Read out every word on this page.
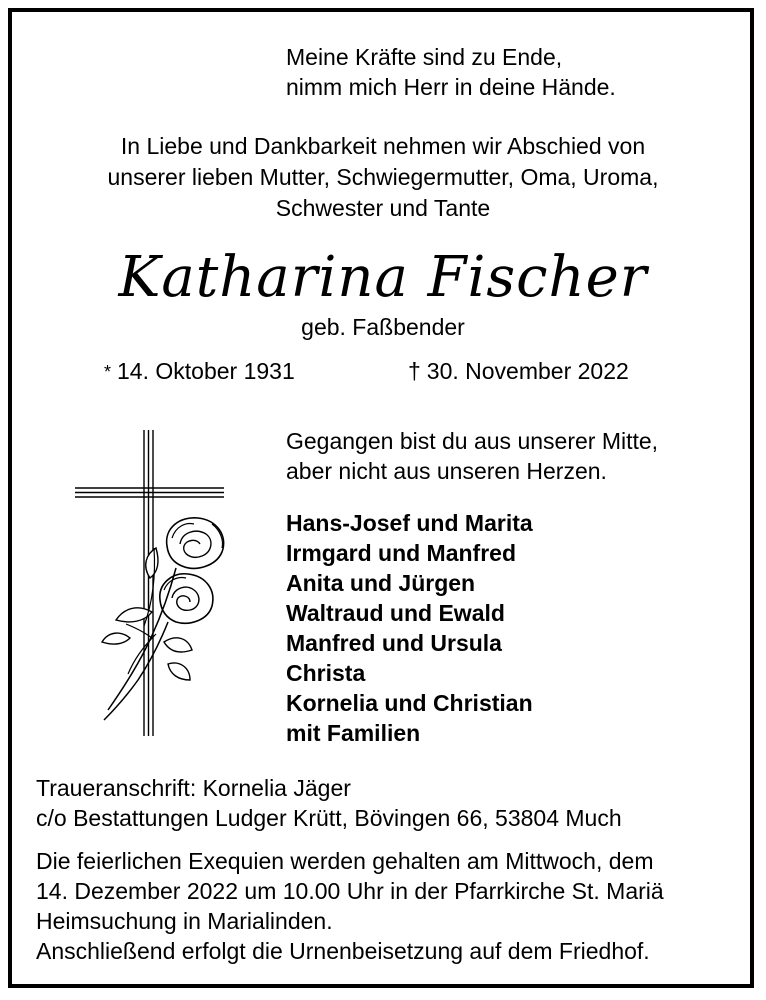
Meine Kräfte sind zu Ende,
nimm mich Herr in deine Hände.
In Liebe und Dankbarkeit nehmen wir Abschied von
unserer lieben Mutter, Schwiegermutter, Oma, Uroma,
Schwester und Tante
Katharina Fischer
geb. Faßbender
* 14. Oktober 1931	† 30. November 2022
Gegangen bist du aus unserer Mitte,
aber nicht aus unseren Herzen.
Hans-Josef und Marita
Irmgard und Manfred
Anita und Jürgen
Waltraud und Ewald
Manfred und Ursula
Christa
Kornelia und Christian
mit Familien
Traueranschrift: Kornelia Jäger
c/o Bestattungen Ludger Krütt, Bövingen 66, 53804 Much
Die feierlichen Exequien werden gehalten am Mittwoch, dem
14. Dezember 2022 um 10.00 Uhr in der Pfarrkirche St. Mariä
Heimsuchung in Marialinden.
Anschließend erfolgt die Urnenbeisetzung auf dem Friedhof.
